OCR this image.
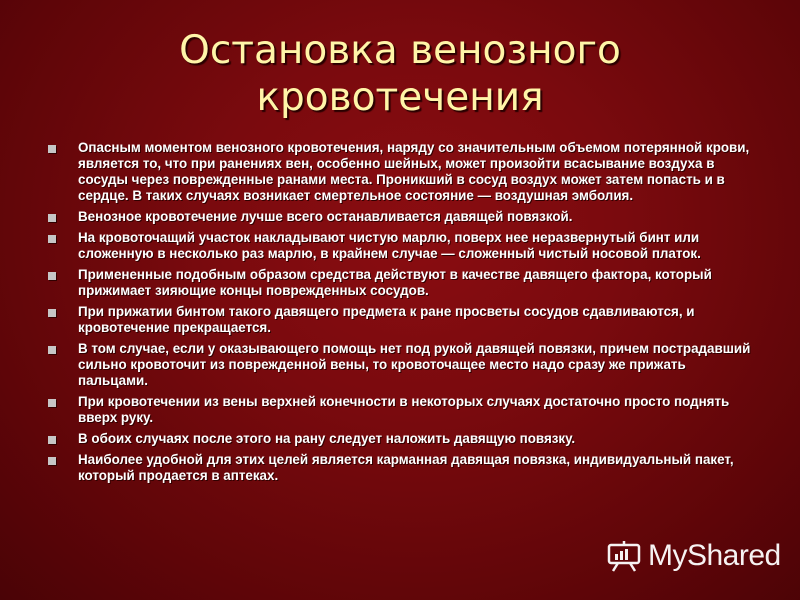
Остановка венозного кровотечения
Опасным моментом венозного кровотечения, наряду со значительным объемом потерянной крови, является то, что при ранениях вен, особенно шейных, может произойти всасывание воздуха в сосуды через поврежденные ранами места. Проникший в сосуд воздух может затем попасть и в сердце. В таких случаях возникает смертельное состояние — воздушная эмболия.
Венозное кровотечение лучше всего останавливается давящей повязкой.
На кровоточащий участок накладывают чистую марлю, поверх нее неразвернутый бинт или сложенную в несколько раз марлю, в крайнем случае — сложенный чистый носовой платок.
Примененные подобным образом средства действуют в качестве давящего фактора, который прижимает зияющие концы поврежденных сосудов.
При прижатии бинтом такого давящего предмета к ране просветы сосудов сдавливаются, и кровотечение прекращается.
В том случае, если у оказывающего помощь нет под рукой давящей повязки, причем пострадавший сильно кровоточит из поврежденной вены, то кровоточащее место надо сразу же прижать пальцами.
При кровотечении из вены верхней конечности в некоторых случаях достаточно просто поднять вверх руку.
В обоих случаях после этого на рану следует наложить давящую повязку.
Наиболее удобной для этих целей является карманная давящая повязка, индивидуальный пакет, который продается в аптеках.
MyShared
